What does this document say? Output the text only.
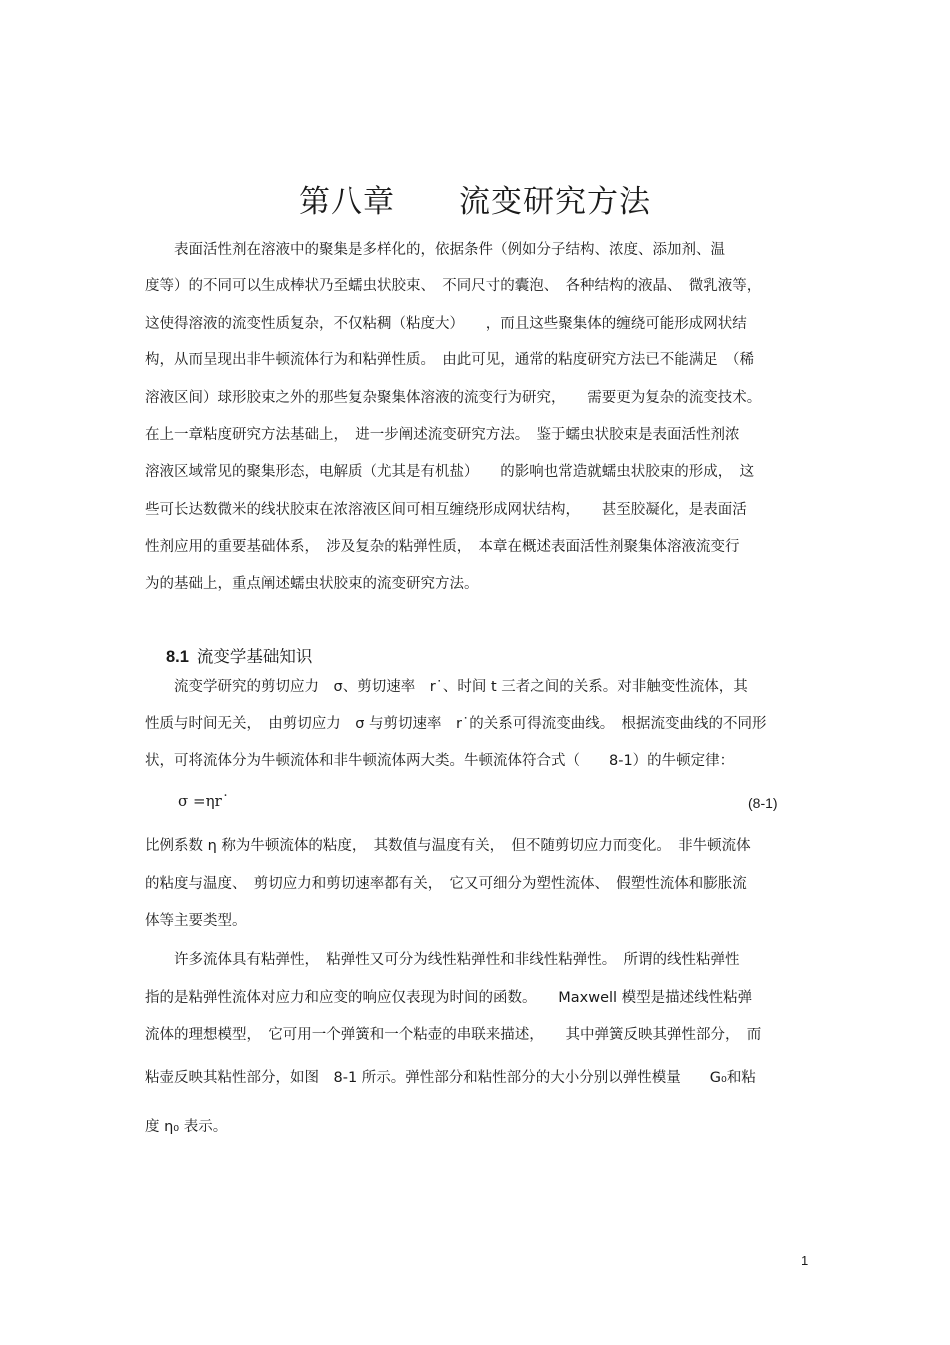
第八章　　流变研究方法
　　表面活性剂在溶液中的聚集是多样化的，依据条件（例如分子结构、浓度、添加剂、温
度等）的不同可以生成棒状乃至蠕虫状胶束、　不同尺寸的囊泡、　各种结构的液晶、　微乳液等，
这使得溶液的流变性质复杂，不仅粘稠（粘度大）　　，而且这些聚集体的缠绕可能形成网状结
构，从而呈现出非牛顿流体行为和粘弹性质。　由此可见，通常的粘度研究方法已不能满足　（稀
溶液区间）球形胶束之外的那些复杂聚集体溶液的流变行为研究，　　需要更为复杂的流变技术。
在上一章粘度研究方法基础上，　进一步阐述流变研究方法。　鉴于蠕虫状胶束是表面活性剂浓
溶液区域常见的聚集形态，电解质（尤其是有机盐）　　的影响也常造就蠕虫状胶束的形成，　这
些可长达数微米的线状胶束在浓溶液区间可相互缠绕形成网状结构，　　甚至胶凝化，是表面活
性剂应用的重要基础体系，　涉及复杂的粘弹性质，　本章在概述表面活性剂聚集体溶液流变行
为的基础上，重点阐述蠕虫状胶束的流变研究方法。

8.1 流变学基础知识

　　流变学研究的剪切应力　σ、剪切速率　r˙、时间 t 三者之间的关系。对非触变性流体，其
性质与时间无关，　由剪切应力　σ 与剪切速率　r˙的关系可得流变曲线。　根据流变曲线的不同形
状，可将流体分为牛顿流体和非牛顿流体两大类。牛顿流体符合式（　　8-1）的牛顿定律：
σ =ηr˙	(8-1)
比例系数 η 称为牛顿流体的粘度，　其数值与温度有关，　但不随剪切应力而变化。　非牛顿流体
的粘度与温度、　剪切应力和剪切速率都有关，　它又可细分为塑性流体、　假塑性流体和膨胀流
体等主要类型。
　　许多流体具有粘弹性，　粘弹性又可分为线性粘弹性和非线性粘弹性。　所谓的线性粘弹性
指的是粘弹性流体对应力和应变的响应仅表现为时间的函数。　　Maxwell 模型是描述线性粘弹
流体的理想模型，　它可用一个弹簧和一个粘壶的串联来描述，　　其中弹簧反映其弹性部分，　而
粘壶反映其粘性部分，如图　8-1 所示。弹性部分和粘性部分的大小分别以弹性模量　　G₀和粘
度 η₀ 表示。
1
